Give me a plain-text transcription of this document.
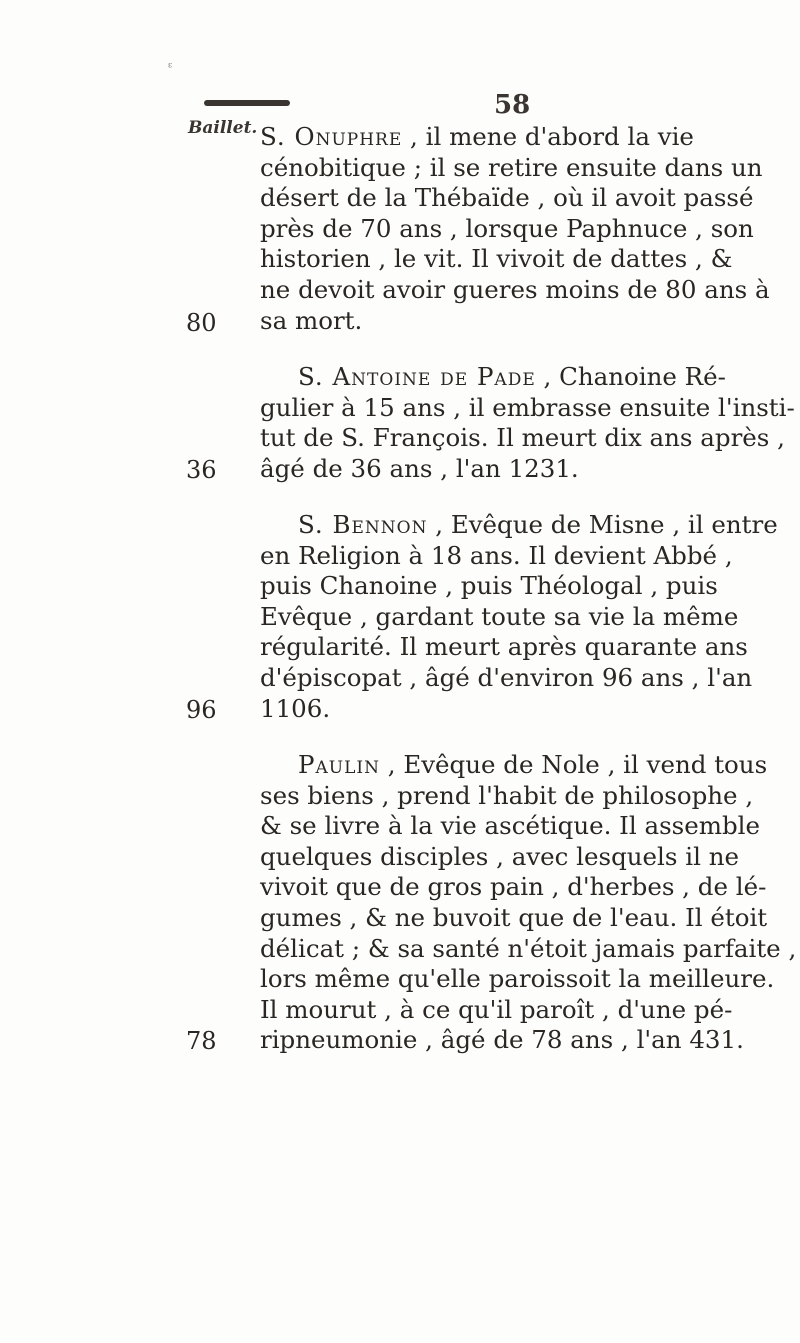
ᵋ
58
Baillet. S. Onuphre , il mene d'abord la vie
cénobitique ; il se retire ensuite dans un
désert de la Thébaïde , où il avoit passé
près de 70 ans , lorsque Paphnuce , son
historien , le vit. Il vivoit de dattes , &
ne devoit avoir gueres moins de 80 ans à
sa mort.
80
S. Antoine de Pade , Chanoine Ré-
gulier à 15 ans , il embrasse ensuite l'insti-
tut de S. François. Il meurt dix ans après ,
âgé de 36 ans , l'an 1231.
36
S. Bennon , Evêque de Misne , il entre
en Religion à 18 ans. Il devient Abbé ,
puis Chanoine , puis Théologal , puis
Evêque , gardant toute sa vie la même
régularité. Il meurt après quarante ans
d'épiscopat , âgé d'environ 96 ans , l'an
1106.
96
Paulin , Evêque de Nole , il vend tous
ses biens , prend l'habit de philosophe ,
& se livre à la vie ascétique. Il assemble
quelques disciples , avec lesquels il ne
vivoit que de gros pain , d'herbes , de lé-
gumes , & ne buvoit que de l'eau. Il étoit
délicat ; & sa santé n'étoit jamais parfaite ,
lors même qu'elle paroissoit la meilleure.
Il mourut , à ce qu'il paroît , d'une pé-
ripneumonie , âgé de 78 ans , l'an 431.
78
